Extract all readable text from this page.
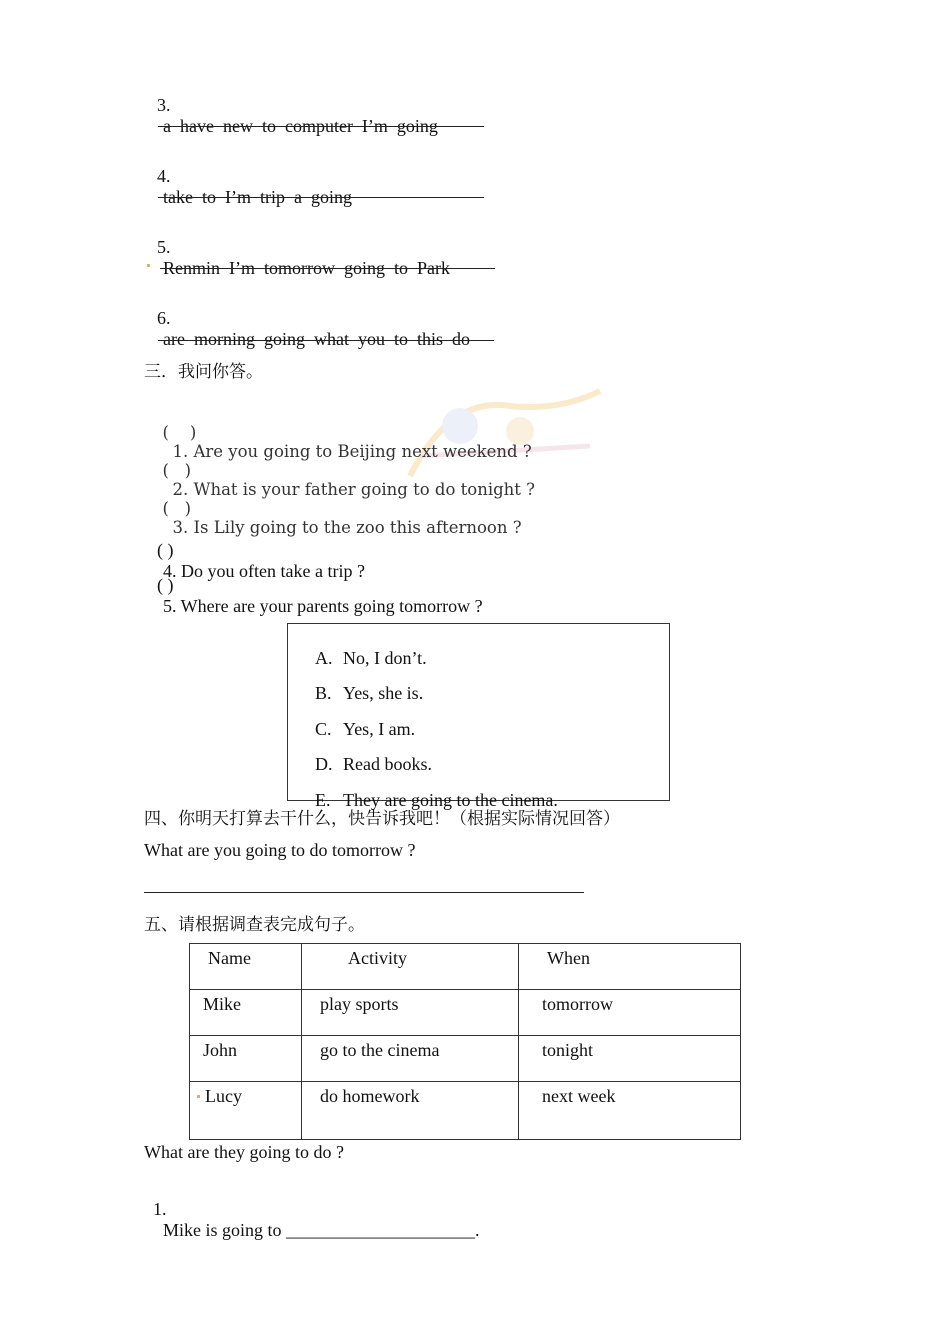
3.
a  have  new  to  computer  I’m  going

4.
take  to  I’m  trip  a  going

5.
Renmin  I’m  tomorrow  going  to  Park

6.
are  morning  going  what  you  to  this  do

三．我问你答。

(    )
1. Are you going to Beijing next weekend ?

(   )
2. What is your father going to do tonight ?

(   )
3. Is Lily going to the zoo this afternoon ?

( )
4. Do you often take a trip ?

( )
5. Where are your parents going tomorrow ?

A. No, I don’t.

B. Yes, she is.

C. Yes, I am.

D. Read books.

E. They are going to the cinema.

四、你明天打算去干什么，快告诉我吧！（根据实际情况回答）
What are you going to do tomorrow ?
五、请根据调查表完成句子。
Name	Activity	When
Mike	play sports	tomorrow
John	go to the cinema	tonight
Lucy	do homework	next week
What are they going to do ?

1.
Mike is going to _____________________.
